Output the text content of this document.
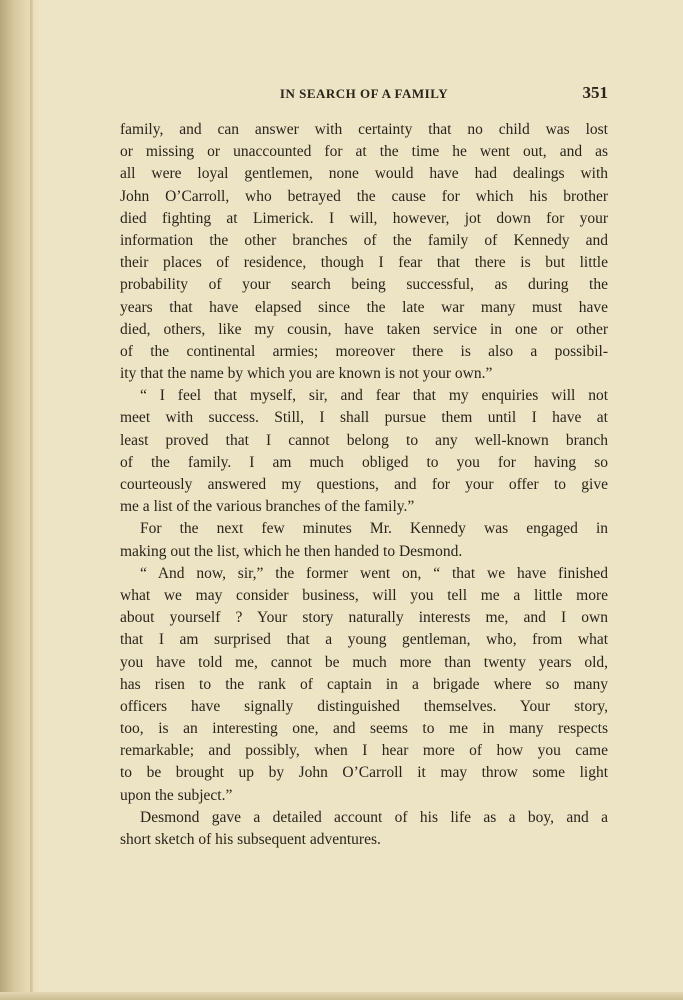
IN SEARCH OF A FAMILY	351
family, and can answer with certainty that no child was lost
or missing or unaccounted for at the time he went out, and as
all were loyal gentlemen, none would have had dealings with
John O’Carroll, who betrayed the cause for which his brother
died fighting at Limerick. I will, however, jot down for your
information the other branches of the family of Kennedy and
their places of residence, though I fear that there is but little
probability of your search being successful, as during the
years that have elapsed since the late war many must have
died, others, like my cousin, have taken service in one or other
of the continental armies; moreover there is also a possibil-
ity that the name by which you are known is not your own.”
“ I feel that myself, sir, and fear that my enquiries will not
meet with success. Still, I shall pursue them until I have at
least proved that I cannot belong to any well-known branch
of the family. I am much obliged to you for having so
courteously answered my questions, and for your offer to give
me a list of the various branches of the family.”
For the next few minutes Mr. Kennedy was engaged in
making out the list, which he then handed to Desmond.
“ And now, sir,” the former went on, “ that we have finished
what we may consider business, will you tell me a little more
about yourself ? Your story naturally interests me, and I own
that I am surprised that a young gentleman, who, from what
you have told me, cannot be much more than twenty years old,
has risen to the rank of captain in a brigade where so many
officers have signally distinguished themselves. Your story,
too, is an interesting one, and seems to me in many respects
remarkable; and possibly, when I hear more of how you came
to be brought up by John O’Carroll it may throw some light
upon the subject.”
Desmond gave a detailed account of his life as a boy, and a
short sketch of his subsequent adventures.
